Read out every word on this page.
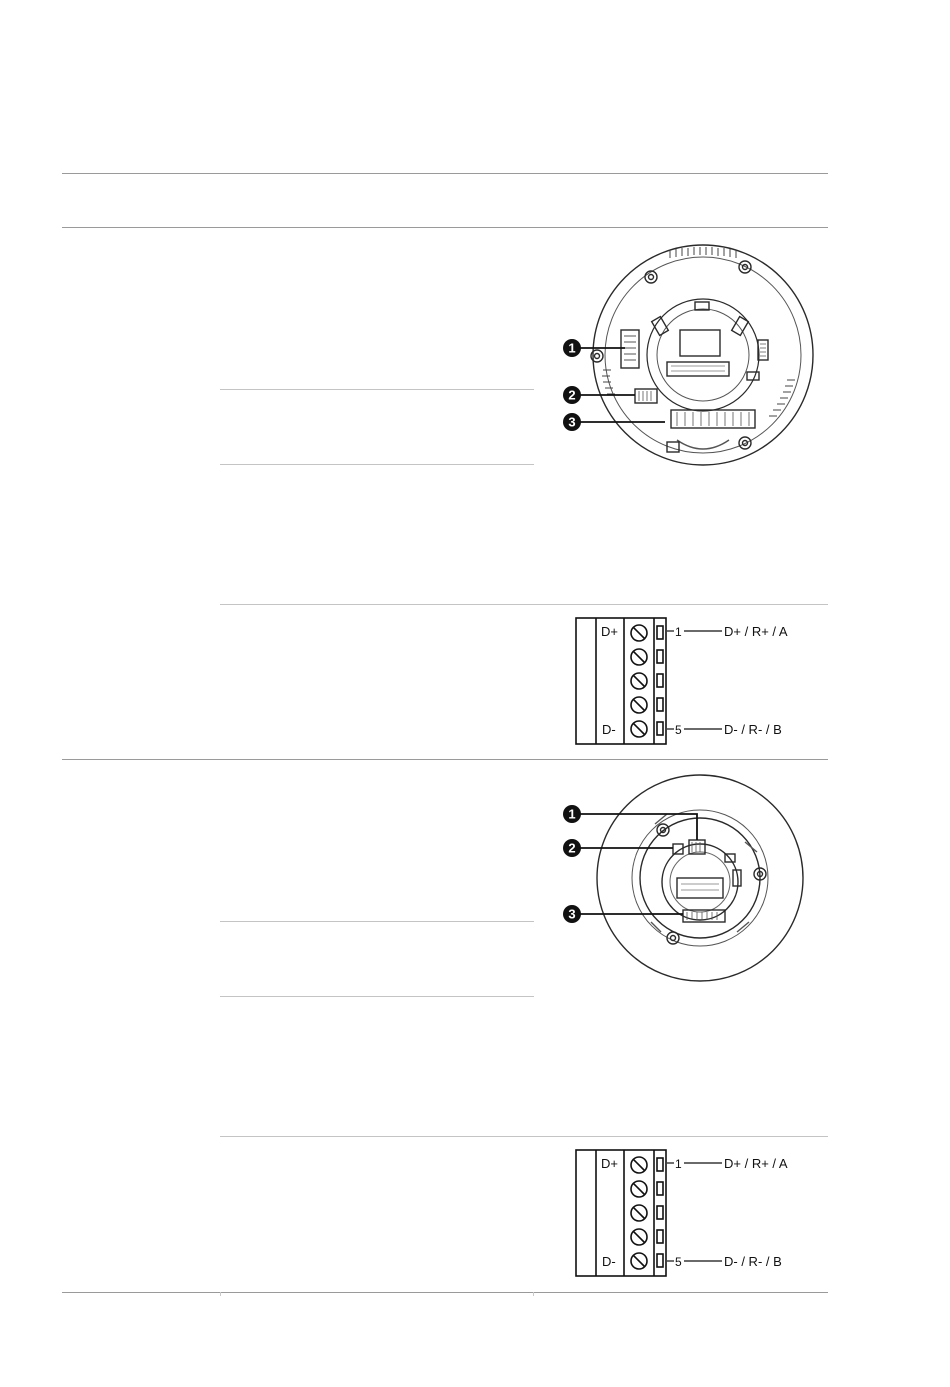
1
2
3
D+
D-
1
5
D+ / R+ / A
D- / R- / B
1
2
3
D+
D-
1
5
D+ / R+ / A
D- / R- / B
